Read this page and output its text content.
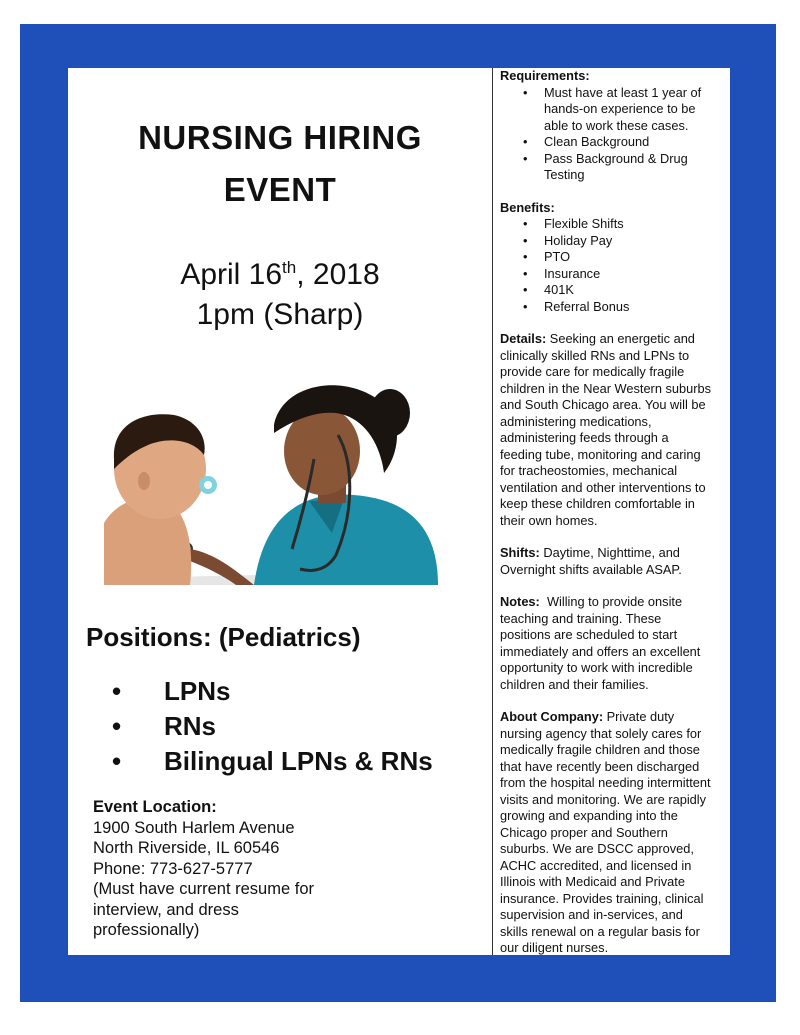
NURSING HIRING
EVENT
April 16th, 2018
1pm (Sharp)
Positions: (Pediatrics)
• LPNs
• RNs
• Bilingual LPNs & RNs
Event Location:
1900 South Harlem Avenue
North Riverside, IL 60546
Phone: 773-627-5777
(Must have current resume for
interview, and dress
professionally)
Requirements:
• Must have at least 1 year of
hands-on experience to be
able to work these cases.
• Clean Background
• Pass Background & Drug
Testing
Benefits:
• Flexible Shifts
• Holiday Pay
• PTO
• Insurance
• 401K
• Referral Bonus
Details: Seeking an energetic and
clinically skilled RNs and LPNs to
provide care for medically fragile
children in the Near Western suburbs
and South Chicago area. You will be
administering medications,
administering feeds through a
feeding tube, monitoring and caring
for tracheostomies, mechanical
ventilation and other interventions to
keep these children comfortable in
their own homes.
Shifts: Daytime, Nighttime, and
Overnight shifts available ASAP.
Notes:  Willing to provide onsite
teaching and training. These
positions are scheduled to start
immediately and offers an excellent
opportunity to work with incredible
children and their families.
About Company: Private duty
nursing agency that solely cares for
medically fragile children and those
that have recently been discharged
from the hospital needing intermittent
visits and monitoring. We are rapidly
growing and expanding into the
Chicago proper and Southern
suburbs. We are DSCC approved,
ACHC accredited, and licensed in
Illinois with Medicaid and Private
insurance. Provides training, clinical
supervision and in-services, and
skills renewal on a regular basis for
our diligent nurses.
